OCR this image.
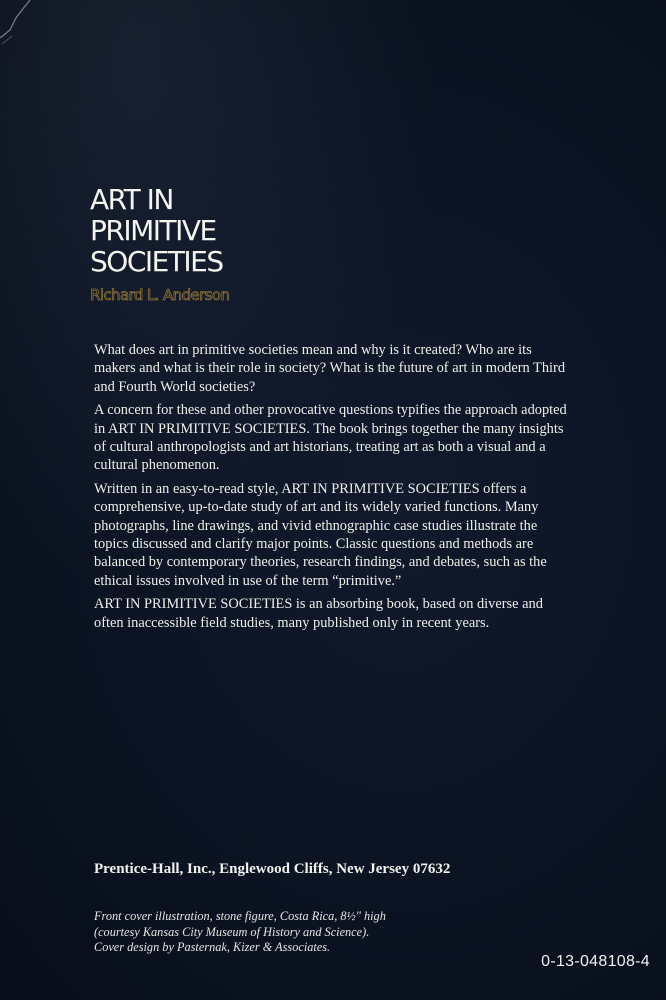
ART IN
PRIMITIVE
SOCIETIES
Richard L. Anderson

What does art in primitive societies mean and why is it created? Who are its makers and what is their role in society? What is the future of art in modern Third and Fourth World societies?

A concern for these and other provocative questions typifies the approach adopted in ART IN PRIMITIVE SOCIETIES. The book brings together the many insights of cultural anthropologists and art historians, treating art as both a visual and a cultural phenomenon.

Written in an easy-to-read style, ART IN PRIMITIVE SOCIETIES offers a comprehensive, up-to-date study of art and its widely varied functions. Many photographs, line drawings, and vivid ethnographic case studies illustrate the topics discussed and clarify major points. Classic questions and methods are balanced by contemporary theories, research findings, and debates, such as the ethical issues involved in use of the term “primitive.”

ART IN PRIMITIVE SOCIETIES is an absorbing book, based on diverse and often inaccessible field studies, many published only in recent years.

Prentice-Hall, Inc., Englewood Cliffs, New Jersey 07632
Front cover illustration, stone figure, Costa Rica, 8½" high
(courtesy Kansas City Museum of History and Science).
Cover design by Pasternak, Kizer & Associates.
0-13-048108-4
